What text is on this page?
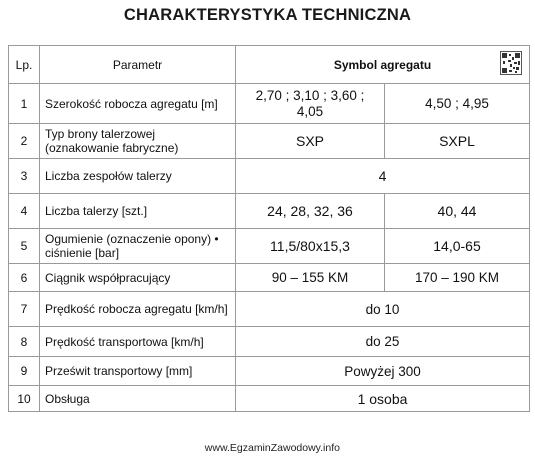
CHARAKTERYSTYKA TECHNICZNA
Lp.	Parametr	Symbol agregatu	

1	Szerokość robocza agregatu [m]	2,70 ; 3,10 ; 3,60 ; 4,05	4,50 ; 4,95
2	Typ brony talerzowej (oznakowanie fabryczne)	SXP	SXPL
3	Liczba zespołów talerzy	4	
4	Liczba talerzy [szt.]	24, 28, 32, 36	40, 44
5	Ogumienie (oznaczenie opony) • ciśnienie [bar]	11,5/80x15,3	14,0-65
6	Ciągnik współpracujący	90 – 155 KM	170 – 190 KM
7	Prędkość robocza agregatu [km/h]	do 10	
8	Prędkość transportowa [km/h]	do 25	
9	Prześwit transportowy [mm]	Powyżej 300	
10	Obsługa	1 osoba	
www.EgzaminZawodowy.info
